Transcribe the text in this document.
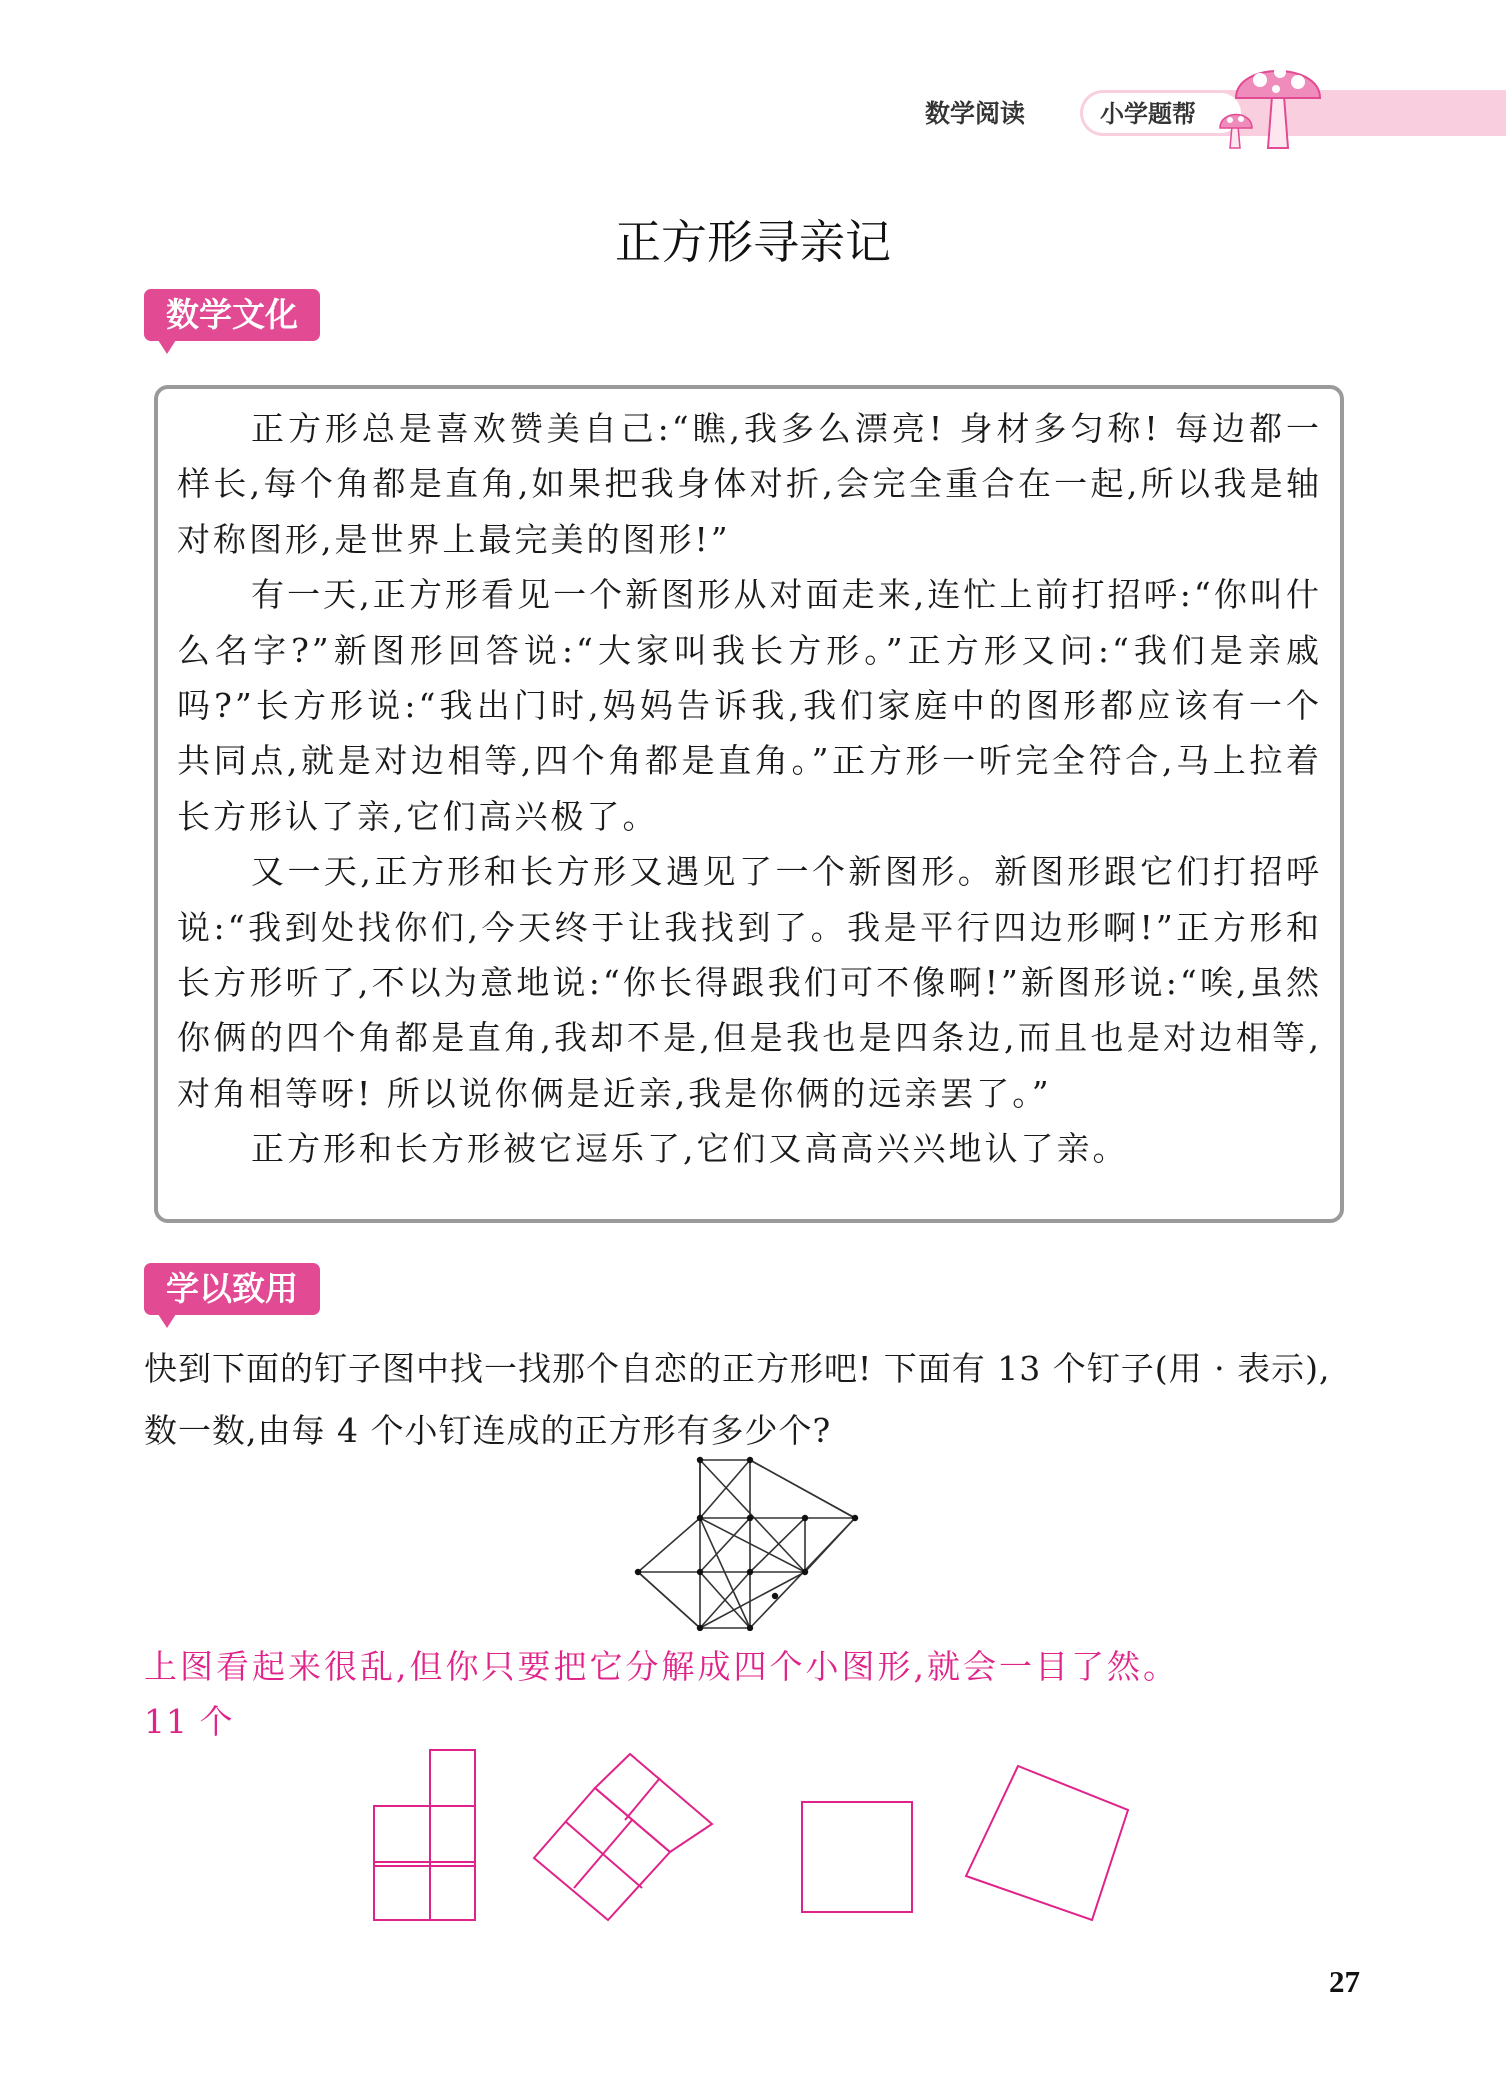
数学阅读	小学题帮
正方形寻亲记
数学文化

正方形总是喜欢赞美自己:“瞧,我多么漂亮! 身材多匀称! 每边都一样长,每个角都是直角,如果把我身体对折,会完全重合在一起,所以我是轴对称图形,是世界上最完美的图形!”

有一天,正方形看见一个新图形从对面走来,连忙上前打招呼:“你叫什么名字?”新图形回答说:“大家叫我长方形。”正方形又问:“我们是亲戚吗?”长方形说:“我出门时,妈妈告诉我,我们家庭中的图形都应该有一个共同点,就是对边相等,四个角都是直角。”正方形一听完全符合,马上拉着长方形认了亲,它们高兴极了。

又一天,正方形和长方形又遇见了一个新图形。新图形跟它们打招呼说:“我到处找你们,今天终于让我找到了。我是平行四边形啊!”正方形和长方形听了,不以为意地说:“你长得跟我们可不像啊!”新图形说:“唉,虽然你俩的四个角都是直角,我却不是,但是我也是四条边,而且也是对边相等,对角相等呀! 所以说你俩是近亲,我是你俩的远亲罢了。”

正方形和长方形被它逗乐了,它们又高高兴兴地认了亲。

学以致用

快到下面的钉子图中找一找那个自恋的正方形吧! 下面有 13 个钉子(用 · 表示),数一数,由每 4 个小钉连成的正方形有多少个?

上图看起来很乱,但你只要把它分解成四个小图形,就会一目了然。

11 个

27
